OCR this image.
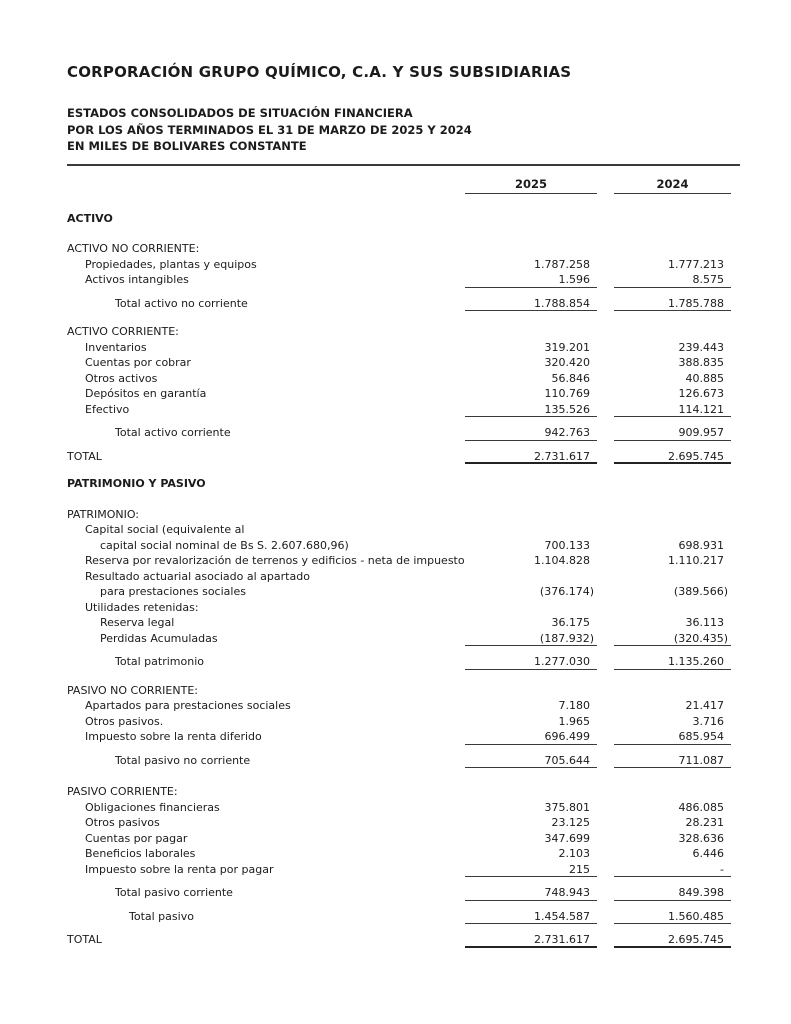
CORPORACIÓN GRUPO QUÍMICO, C.A. Y SUS SUBSIDIARIAS
ESTADOS CONSOLIDADOS DE SITUACIÓN FINANCIERA
POR LOS AÑOS TERMINADOS EL 31 DE MARZO DE 2025 Y 2024
EN MILES DE BOLIVARES CONSTANTE
2025	2024
ACTIVO
ACTIVO NO CORRIENTE:
Propiedades, plantas y equipos	1.787.258	1.777.213
Activos intangibles	1.596	8.575
Total activo no corriente	1.788.854	1.785.788
ACTIVO CORRIENTE:
Inventarios	319.201	239.443
Cuentas por cobrar	320.420	388.835
Otros activos	56.846	40.885
Depósitos en garantía	110.769	126.673
Efectivo	135.526	114.121
Total activo corriente	942.763	909.957
TOTAL	2.731.617	2.695.745
PATRIMONIO Y PASIVO
PATRIMONIO:
Capital social (equivalente al
capital social nominal de Bs S. 2.607.680,96)	700.133	698.931
Reserva por revalorización de terrenos y edificios - neta de impuesto	1.104.828	1.110.217
Resultado actuarial asociado al apartado
para prestaciones sociales	(376.174)	(389.566)
Utilidades retenidas:
Reserva legal	36.175	36.113
Perdidas Acumuladas	(187.932)	(320.435)
Total patrimonio	1.277.030	1.135.260
PASIVO NO CORRIENTE:
Apartados para prestaciones sociales	7.180	21.417
Otros pasivos.	1.965	3.716
Impuesto sobre la renta diferido	696.499	685.954
Total pasivo no corriente	705.644	711.087
PASIVO CORRIENTE:
Obligaciones financieras	375.801	486.085
Otros pasivos	23.125	28.231
Cuentas por pagar	347.699	328.636
Beneficios laborales	2.103	6.446
Impuesto sobre la renta por pagar	215	-
Total pasivo corriente	748.943	849.398
Total pasivo	1.454.587	1.560.485
TOTAL	2.731.617	2.695.745
